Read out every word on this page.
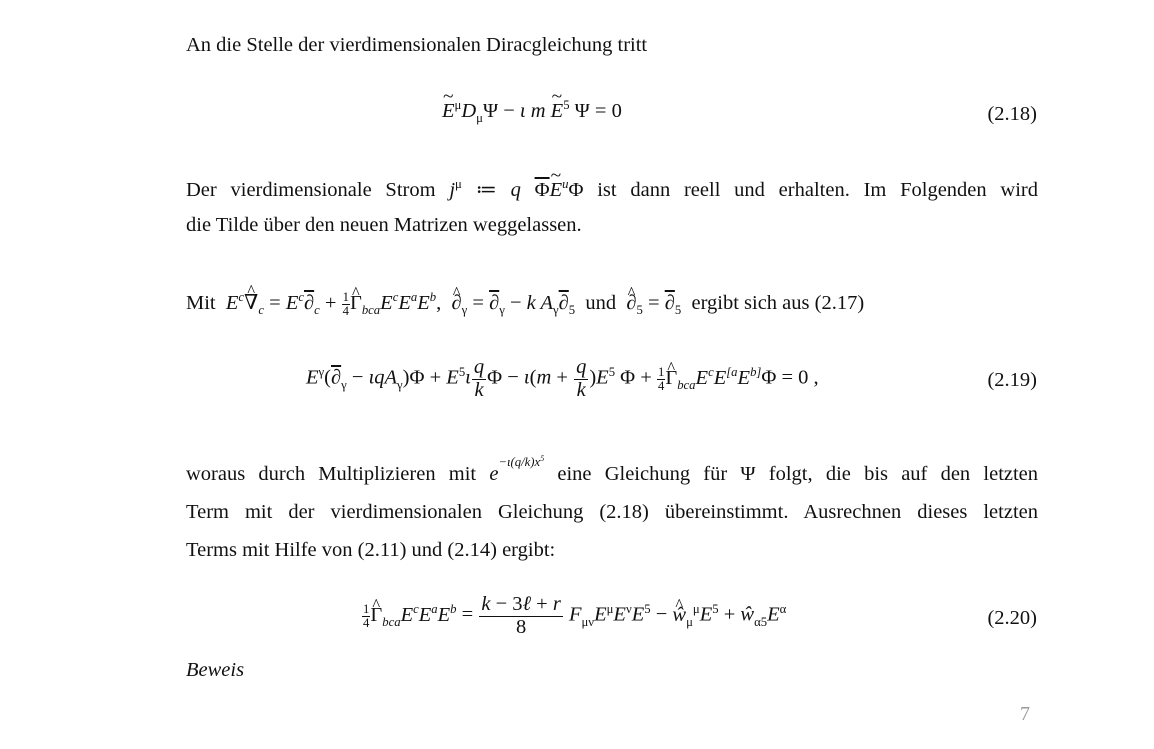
An die Stelle der vierdimensionalen Diracgleichung tritt
~ $E^\mu D_\mu\Psi - \iota$ m ~ $E^5$ Ψ = 0	(2.18)
Der vierdimensionale Strom $j^\mu$ ≔ q $\overline{\Phi}\sim$ $E^u\Phi$ ist dann reell und erhalten. Im Folgenden wird
die Tilde über den neuen Matrizen weggelassen.
Mit $E^c\^{}$ $\nabla_c = E^c\partial_c + \frac{1}{4}$ ^ $\Gamma_{bca}E^cE^aE^b$, ^ $\partial_\gamma = \partial_\gamma - k$ $A_\gamma\partial_5$ und ^ $\partial_5 = \partial_5$ ergibt sich aus (2.17)
$E^\gamma(\partial_\gamma - \iota qA_\gamma)\Phi + E^5\iota \frac{q}{k}$ $\Phi - \iota(m + \frac{q}{k} )E^5$ $\Phi + \frac{1}{4}$ ^ $\Gamma_{bca}E^cE^{[a}E^{b]}\Phi = 0$ ,	(2.19)
woraus durch Multiplizieren mit $e^{-\iota(q/k)x^5}$ eine Gleichung für Ψ folgt, die bis auf den letzten
Term mit der vierdimensionalen Gleichung (2.18) übereinstimmt. Ausrechnen dieses letzten
Terms mit Hilfe von (2.11) und (2.14) ergibt:
$\frac{1}{4}$ ^ $\Gamma_{bca}E^cE^aE^b = \frac{\text{k − 3ℓ + r}}{8} F_{\mu\nu}E^\mu E^\nu E^5$ − ^ $ŵ_\mu^\mu E^5$ + $ŵ_{\alpha 5}E^\alpha$	(2.20)
Beweis
7
